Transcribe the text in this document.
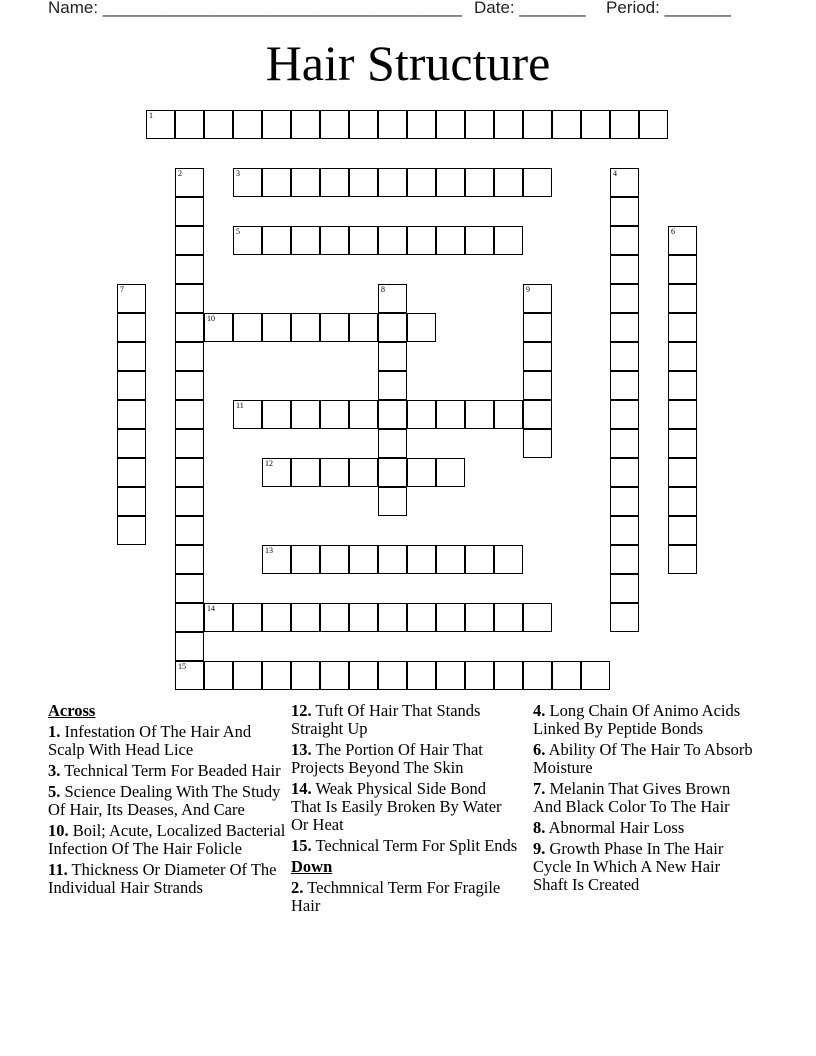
Name: ______________________________________ Date: _______ Period: _______
Hair Structure
1
2	3	4
5	6
7	8	9
10
11
12
13
14
15
Across
1. Infestation Of The Hair And Scalp With Head Lice
3. Technical Term For Beaded Hair
5. Science Dealing With The Study Of Hair, Its Deases, And Care
10. Boil; Acute, Localized Bacterial Infection Of The Hair Folicle
11. Thickness Or Diameter Of The Individual Hair Strands
12. Tuft Of Hair That Stands Straight Up
13. The Portion Of Hair That Projects Beyond The Skin
14. Weak Physical Side Bond That Is Easily Broken By Water Or Heat
15. Technical Term For Split Ends
Down
2. Techmnical Term For Fragile Hair
4. Long Chain Of Animo Acids Linked By Peptide Bonds
6. Ability Of The Hair To Absorb Moisture
7. Melanin That Gives Brown And Black Color To The Hair
8. Abnormal Hair Loss
9. Growth Phase In The Hair Cycle In Which A New Hair Shaft Is Created
